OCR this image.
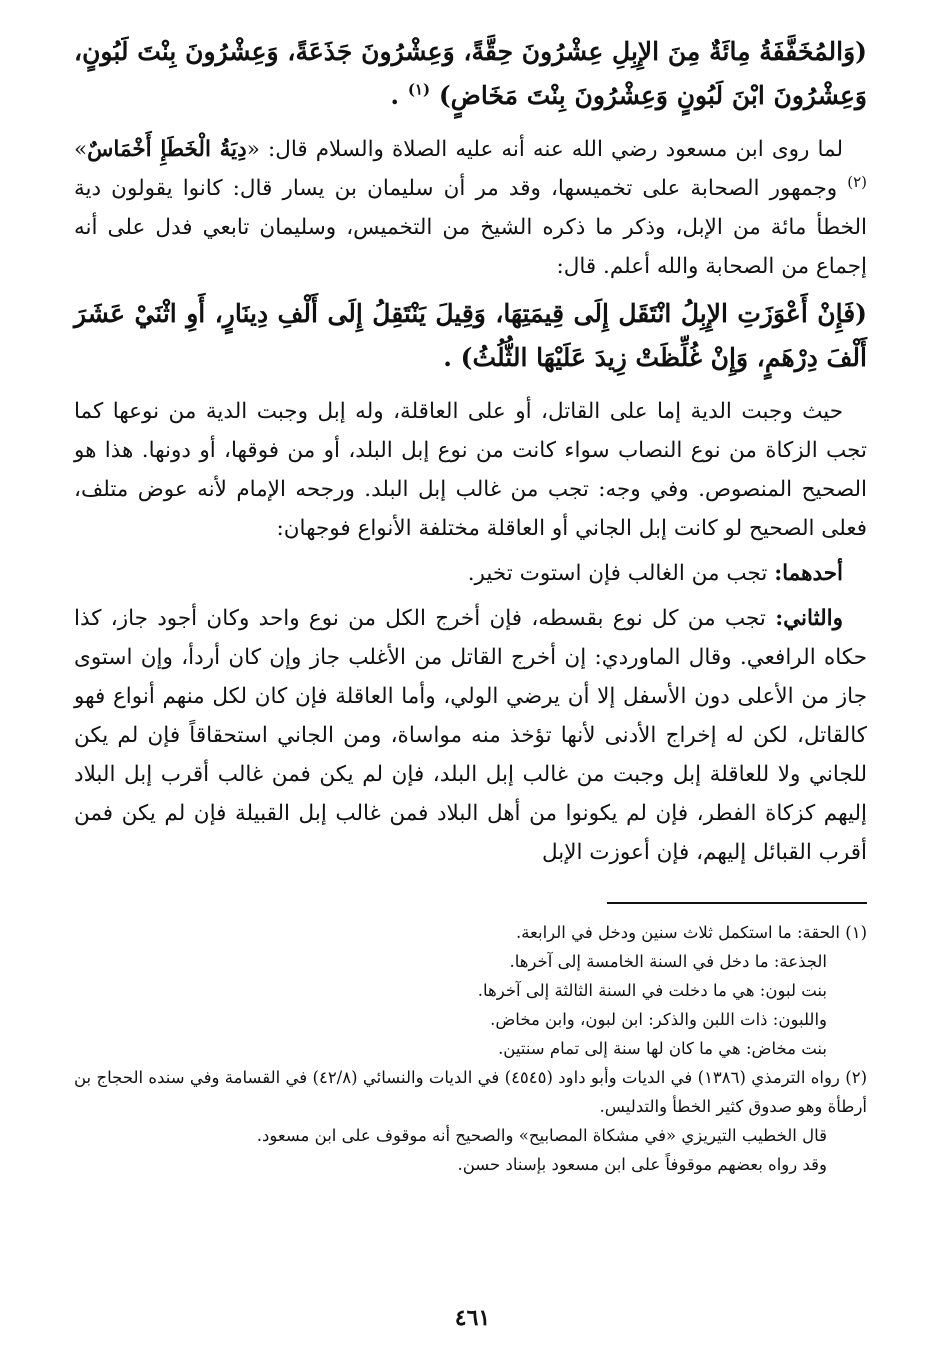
(وَالمُخَفَّفَةُ مِائَةٌ مِنَ الإِبِلِ عِشْرُونَ حِقَّةً، وَعِشْرُونَ جَذَعَةً، وَعِشْرُونَ بِنْتَ لَبُونٍ، وَعِشْرُونَ ابْنَ لَبُونٍ وَعِشْرُونَ بِنْتَ مَخَاضٍ) $^{(١)}$ .

لما روى ابن مسعود رضي الله عنه أنه عليه الصلاة والسلام قال: «دِيَةُ الْخَطَإِ أَخْمَاسٌ» $^{(٢)}$ وجمهور الصحابة على تخميسها، وقد مر أن سليمان بن يسار قال: كانوا يقولون دية الخطأ مائة من الإبل، وذكر ما ذكره الشيخ من التخميس، وسليمان تابعي فدل على أنه إجماع من الصحابة والله أعلم. قال:

(فَإِنْ أَعْوَزَتِ الإِبِلُ انْتَقَل إِلَى قِيمَتِهَا، وَقِيلَ يَنْتَقِلُ إِلَى أَلْفِ دِينَارٍ، أَوِ اثْنَيْ عَشَرَ أَلْفَ دِرْهَمٍ، وَإِنْ غُلِّظَتْ زِيدَ عَلَيْهَا الثُّلُثُ) .

حيث وجبت الدية إما على القاتل، أو على العاقلة، وله إبل وجبت الدية من نوعها كما تجب الزكاة من نوع النصاب سواء كانت من نوع إبل البلد، أو من فوقها، أو دونها. هذا هو الصحيح المنصوص. وفي وجه: تجب من غالب إبل البلد. ورجحه الإمام لأنه عوض متلف، فعلى الصحيح لو كانت إبل الجاني أو العاقلة مختلفة الأنواع فوجهان:

أحدهما: تجب من الغالب فإن استوت تخير.

والثاني: تجب من كل نوع بقسطه، فإن أخرج الكل من نوع واحد وكان أجود جاز، كذا حكاه الرافعي. وقال الماوردي: إن أخرج القاتل من الأغلب جاز وإن كان أردأ، وإن استوى جاز من الأعلى دون الأسفل إلا أن يرضي الولي، وأما العاقلة فإن كان لكل منهم أنواع فهو كالقاتل، لكن له إخراج الأدنى لأنها تؤخذ منه مواساة، ومن الجاني استحقاقاً فإن لم يكن للجاني ولا للعاقلة إبل وجبت من غالب إبل البلد، فإن لم يكن فمن غالب أقرب إبل البلاد إليهم كزكاة الفطر، فإن لم يكونوا من أهل البلاد فمن غالب إبل القبيلة فإن لم يكن فمن أقرب القبائل إليهم، فإن أعوزت الإبل

(١) الحقة: ما استكمل ثلاث سنين ودخل في الرابعة.

الجذعة: ما دخل في السنة الخامسة إلى آخرها.

بنت لبون: هي ما دخلت في السنة الثالثة إلى آخرها.

واللبون: ذات اللبن والذكر: ابن لبون، وابن مخاض.

بنت مخاض: هي ما كان لها سنة إلى تمام سنتين.

(٢) رواه الترمذي (١٣٨٦) في الديات وأبو داود (٤٥٤٥) في الديات والنسائي (٤٢/٨) في القسامة وفي سنده الحجاج بن أرطأة وهو صدوق كثير الخطأ والتدليس.

قال الخطيب التيريزي «في مشكاة المصابيح» والصحيح أنه موقوف على ابن مسعود.

وقد رواه بعضهم موقوفاً على ابن مسعود بإسناد حسن.

٤٦١
